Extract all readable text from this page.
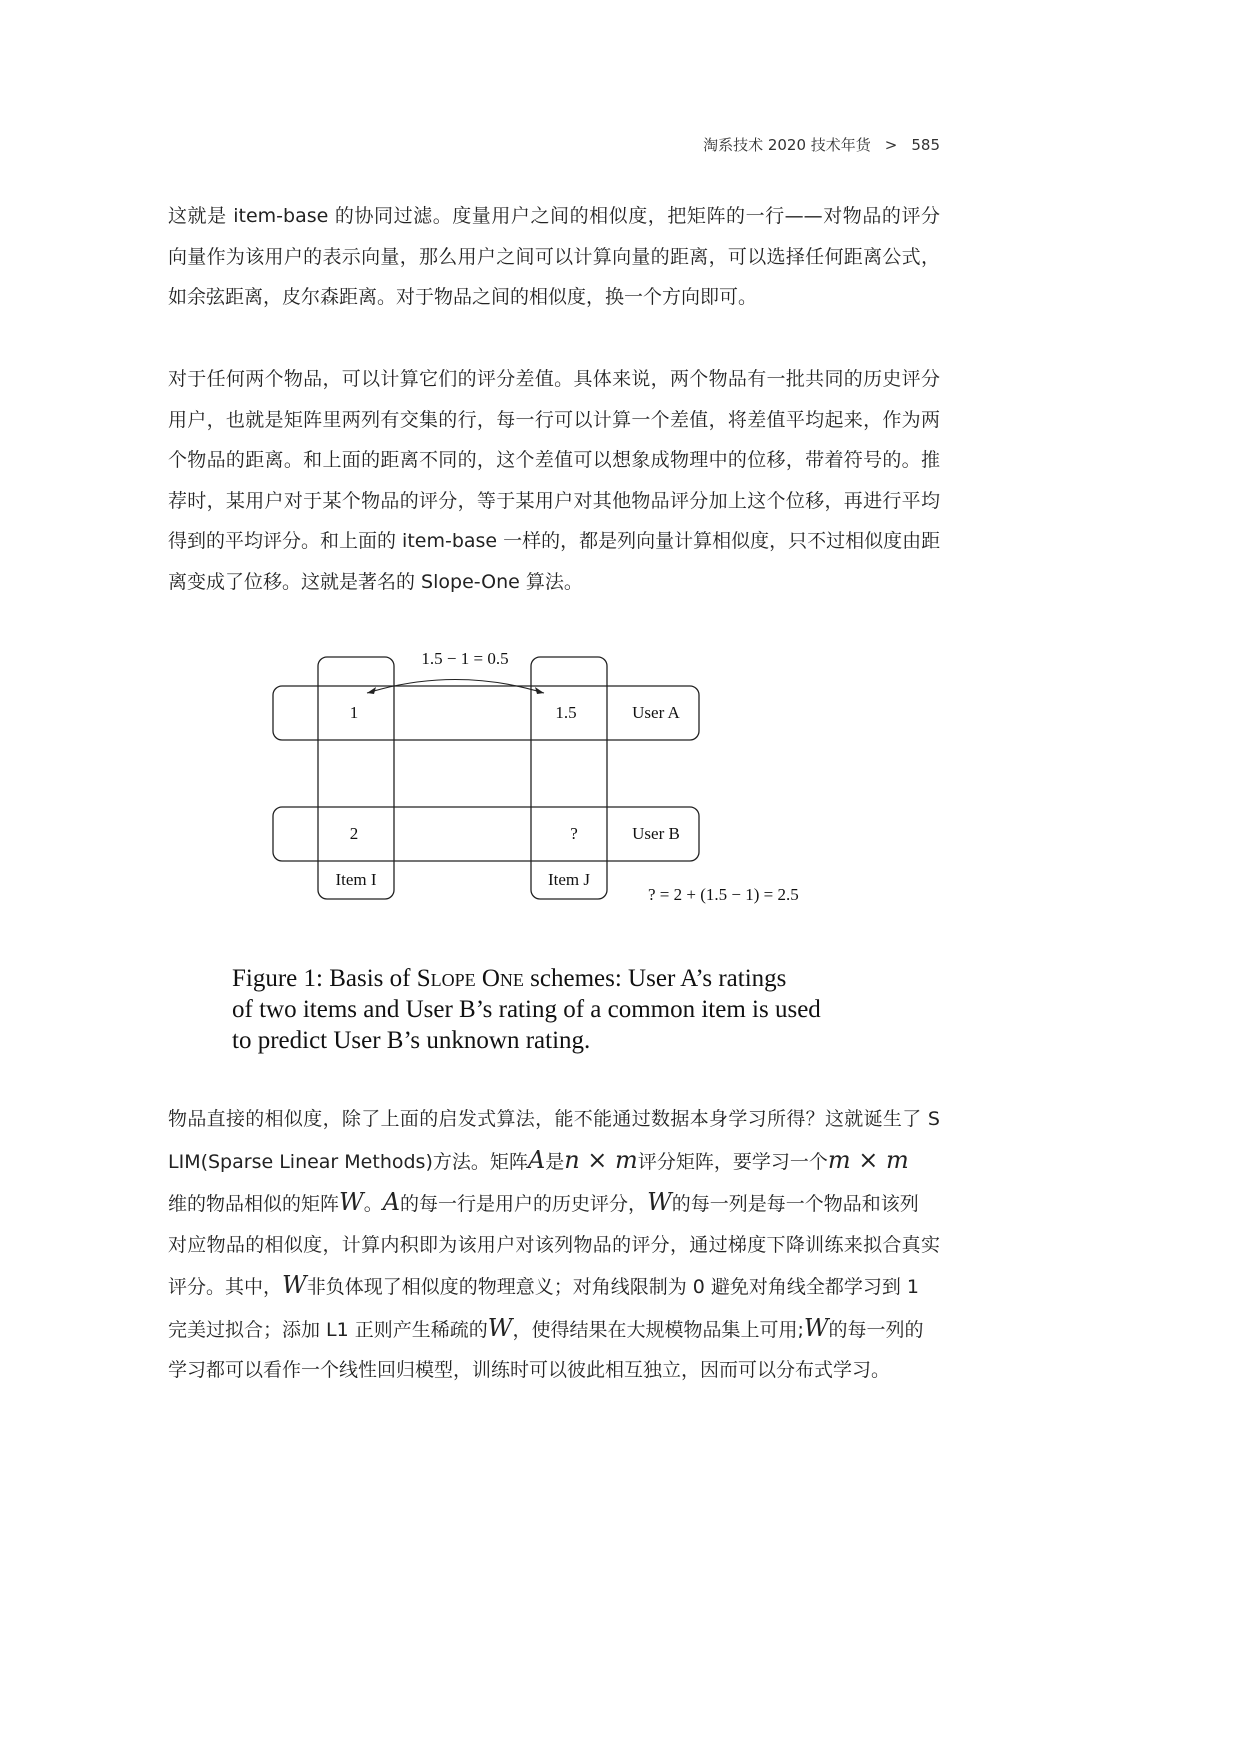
淘系技术 2020 技术年货 > 585
这就是 item-base 的协同过滤。度量用户之间的相似度，把矩阵的一行——对物品的评分
向量作为该用户的表示向量，那么用户之间可以计算向量的距离，可以选择任何距离公式，
如余弦距离，皮尔森距离。对于物品之间的相似度，换一个方向即可。
对于任何两个物品，可以计算它们的评分差值。具体来说，两个物品有一批共同的历史评分
用户，也就是矩阵里两列有交集的行，每一行可以计算一个差值，将差值平均起来，作为两
个物品的距离。和上面的距离不同的，这个差值可以想象成物理中的位移，带着符号的。推
荐时，某用户对于某个物品的评分，等于某用户对其他物品评分加上这个位移，再进行平均
得到的平均评分。和上面的 item-base 一样的，都是列向量计算相似度，只不过相似度由距
离变成了位移。这就是著名的 Slope-One 算法。
1.5 − 1 = 0.5
1	1.5	User A
2	?	User B
Item I	Item J
? = 2 + (1.5 − 1) = 2.5
Figure 1: Basis of Slope One schemes: User A’s ratings
of two items and User B’s rating of a common item is used
to predict User B’s unknown rating.
物品直接的相似度，除了上面的启发式算法，能不能通过数据本身学习所得？这就诞生了 S
LIM(Sparse Linear Methods)方法。矩阵A是n × m评分矩阵，要学习一个m × m
维的物品相似的矩阵W。A的每一行是用户的历史评分，W的每一列是每一个物品和该列
对应物品的相似度，计算内积即为该用户对该列物品的评分，通过梯度下降训练来拟合真实
评分。其中，W非负体现了相似度的物理意义；对角线限制为 0 避免对角线全都学习到 1
完美过拟合；添加 L1 正则产生稀疏的W，使得结果在大规模物品集上可用;W的每一列的
学习都可以看作一个线性回归模型，训练时可以彼此相互独立，因而可以分布式学习。
